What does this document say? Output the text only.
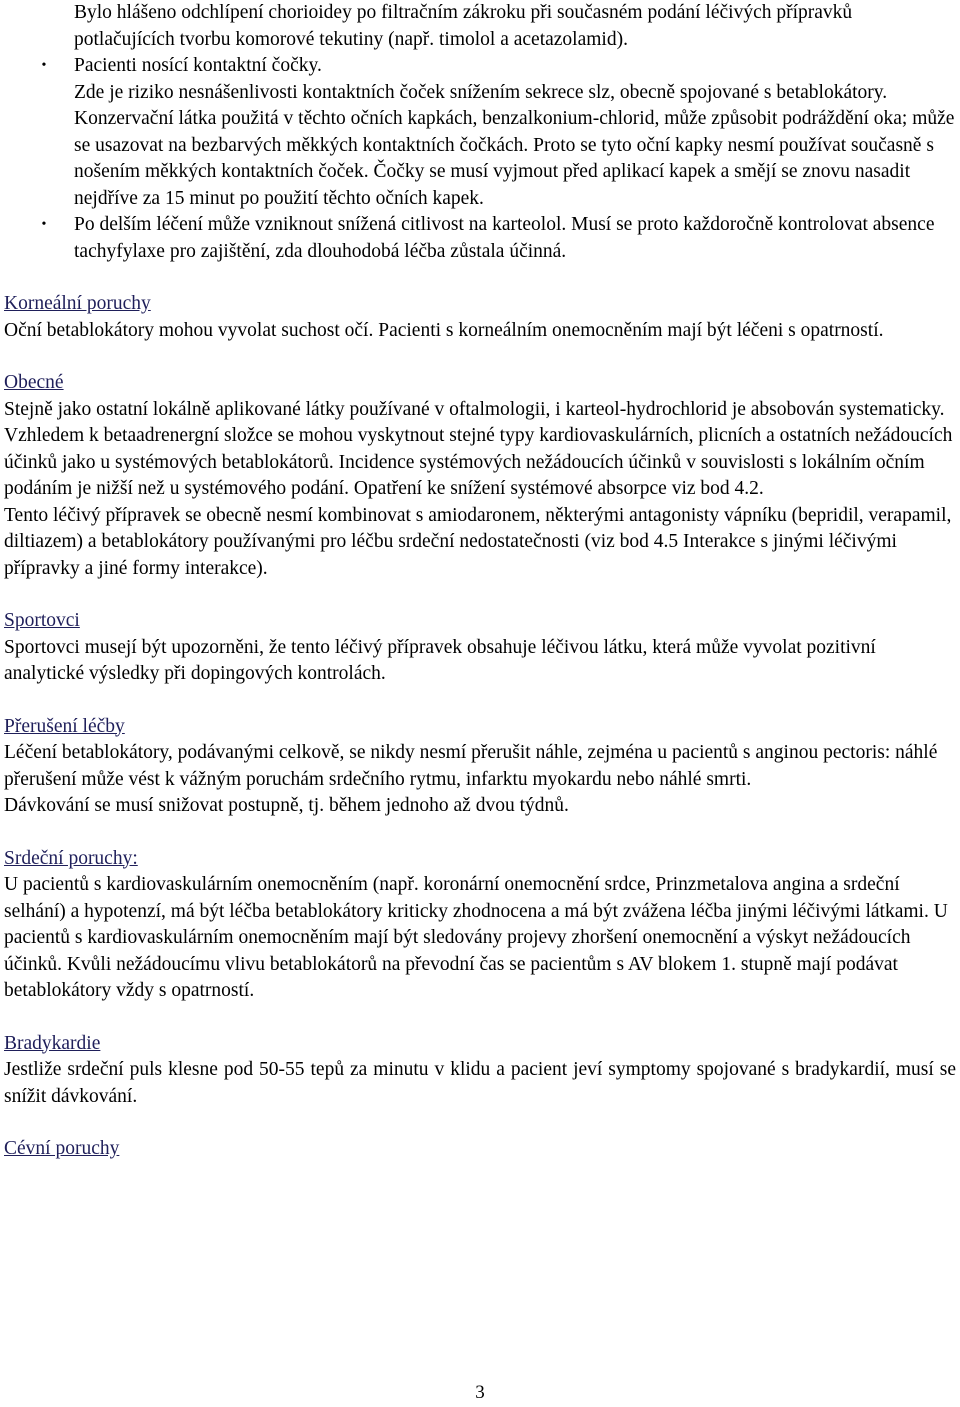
Bylo hlášeno odchlípení chorioidey po filtračním zákroku při současném podání léčivých přípravků potlačujících tvorbu komorové tekutiny (např. timolol a acetazolamid).

•	Pacienti nosící kontaktní čočky.

Zde je riziko nesnášenlivosti kontaktních čoček snížením sekrece slz, obecně spojované s betablokátory.

Konzervační látka použitá v těchto očních kapkách, benzalkonium-chlorid, může způsobit podráždění oka; může se usazovat na bezbarvých měkkých kontaktních čočkách. Proto se tyto oční kapky nesmí používat současně s nošením měkkých kontaktních čoček. Čočky se musí vyjmout před aplikací kapek a smějí se znovu nasadit nejdříve za 15 minut po použití těchto očních kapek.

•	Po delším léčení může vzniknout snížená citlivost na karteolol. Musí se proto každoročně kontrolovat absence tachyfylaxe pro zajištění, zda dlouhodobá léčba zůstala účinná.

Korneální poruchy

Oční betablokátory mohou vyvolat suchost očí. Pacienti s korneálním onemocněním mají být léčeni s opatrností.

Obecné

Stejně jako ostatní lokálně aplikované látky používané v oftalmologii, i karteol-hydrochlorid je absobován systematicky. Vzhledem k betaadrenergní složce se mohou vyskytnout stejné typy kardiovaskulárních, plicních a ostatních nežádoucích účinků jako u systémových betablokátorů. Incidence systémových nežádoucích účinků v souvislosti s lokálním očním podáním je nižší než u systémového podání. Opatření ke snížení systémové absorpce viz bod 4.2.

Tento léčivý přípravek se obecně nesmí kombinovat s amiodaronem, některými antagonisty vápníku (bepridil, verapamil, diltiazem) a betablokátory používanými pro léčbu srdeční nedostatečnosti (viz bod 4.5 Interakce s jinými léčivými přípravky a jiné formy interakce).

Sportovci

Sportovci musejí být upozorněni, že tento léčivý přípravek obsahuje léčivou látku, která může vyvolat pozitivní analytické výsledky při dopingových kontrolách.

Přerušení léčby

Léčení betablokátory, podávanými celkově, se nikdy nesmí přerušit náhle, zejména u pacientů s anginou pectoris: náhlé přerušení může vést k vážným poruchám srdečního rytmu, infarktu myokardu nebo náhlé smrti.

Dávkování se musí snižovat postupně, tj. během jednoho až dvou týdnů.

Srdeční poruchy:

U pacientů s kardiovaskulárním onemocněním (např. koronární onemocnění srdce, Prinzmetalova angina a srdeční selhání) a hypotenzí, má být léčba betablokátory kriticky zhodnocena a má být zvážena léčba jinými léčivými látkami. U pacientů s kardiovaskulárním onemocněním mají být sledovány projevy zhoršení onemocnění a výskyt nežádoucích účinků. Kvůli nežádoucímu vlivu betablokátorů na převodní čas se pacientům s AV blokem 1. stupně mají podávat betablokátory vždy s opatrností.

Bradykardie

Jestliže srdeční puls klesne pod 50-55 tepů za minutu v klidu a pacient jeví symptomy spojované s bradykardií, musí se snížit dávkování.

Cévní poruchy

3
